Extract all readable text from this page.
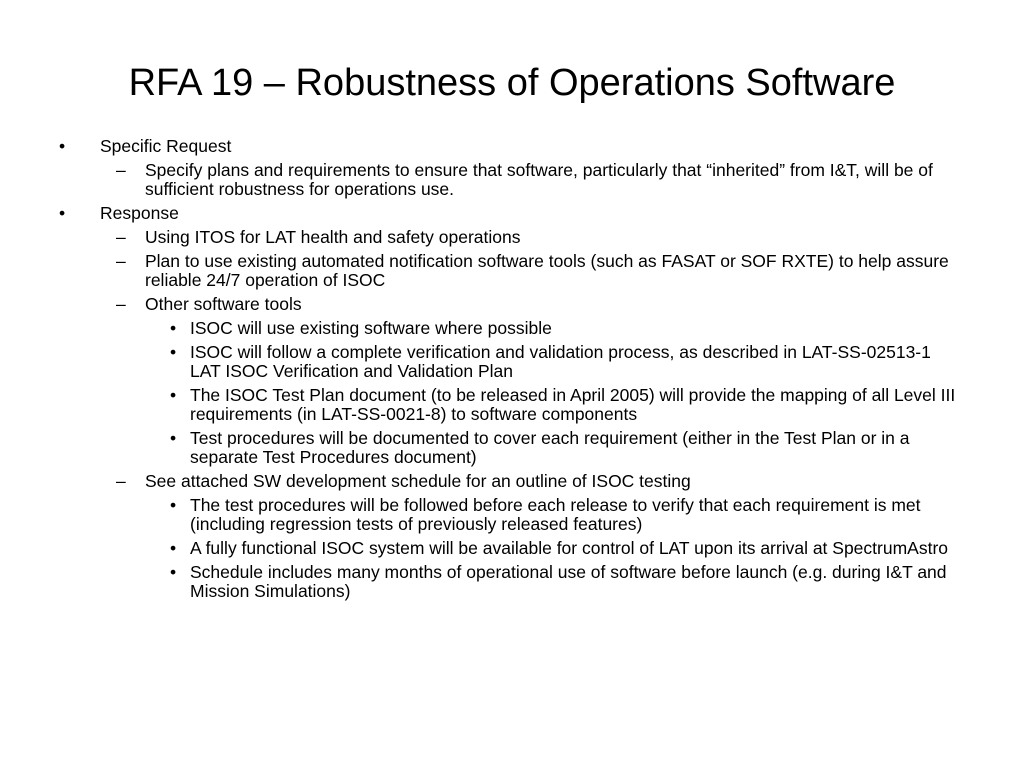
RFA 19 – Robustness of Operations Software
•	Specific Request
–	Specify plans and requirements to ensure that software, particularly that “inherited” from I&T, will be of sufficient robustness for operations use.
•	Response
–	Using ITOS for LAT health and safety operations
–	Plan to use existing automated notification software tools (such as FASAT or SOF RXTE) to help assure reliable 24/7 operation of ISOC
–	Other software tools
• ISOC will use existing software where possible
• ISOC will follow a complete verification and validation process, as described in LAT-SS-02513-1 LAT ISOC Verification and Validation Plan
• The ISOC Test Plan document (to be released in April 2005) will provide the mapping of all Level III requirements (in LAT-SS-0021-8) to software components
• Test procedures will be documented to cover each requirement (either in the Test Plan or in a separate Test Procedures document)
–	See attached SW development schedule for an outline of ISOC testing
• The test procedures will be followed before each release to verify that each requirement is met (including regression tests of previously released features)
• A fully functional ISOC system will be available for control of LAT upon its arrival at SpectrumAstro
• Schedule includes many months of operational use of software before launch (e.g. during I&T and Mission Simulations)
